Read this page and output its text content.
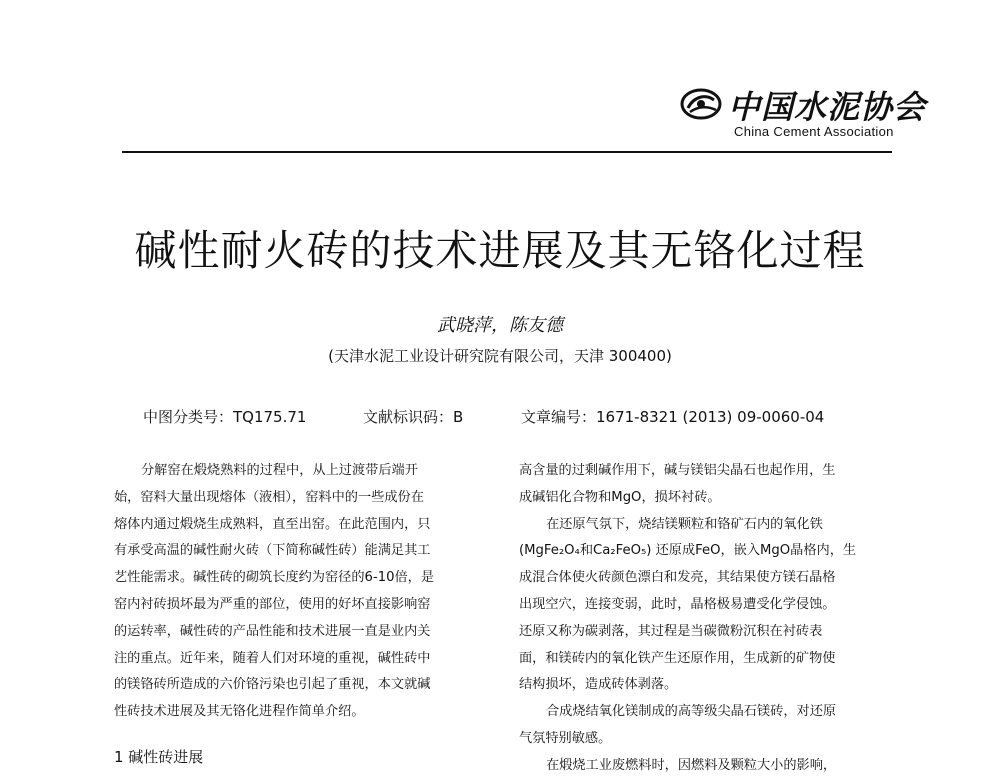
中国水泥协会
China Cement Association
碱性耐火砖的技术进展及其无铬化过程
武晓萍，陈友德
(天津水泥工业设计研究院有限公司，天津 300400)
中图分类号：TQ175.71	文献标识码：B	文章编号：1671-8321 (2013) 09-0060-04
分解窑在煅烧熟料的过程中，从上过渡带后端开
始，窑料大量出现熔体（液相），窑料中的一些成份在
熔体内通过煅烧生成熟料，直至出窑。在此范围内，只
有承受高温的碱性耐火砖（下简称碱性砖）能满足其工
艺性能需求。碱性砖的砌筑长度约为窑径的6-10倍，是
窑内衬砖损坏最为严重的部位，使用的好坏直接影响窑
的运转率，碱性砖的产品性能和技术进展一直是业内关
注的重点。近年来，随着人们对环境的重视，碱性砖中
的镁铬砖所造成的六价铬污染也引起了重视，本文就碱
性砖技术进展及其无铬化进程作简单介绍。
高含量的过剩碱作用下，碱与镁铝尖晶石也起作用，生
成碱铝化合物和MgO，损坏衬砖。
在还原气氛下，烧结镁颗粒和铬矿石内的氧化铁
(MgFe₂O₄和Ca₂FeO₅) 还原成FeO，嵌入MgO晶格内，生
成混合体使火砖颜色漂白和发亮，其结果使方镁石晶格
出现空穴，连接变弱，此时，晶格极易遭受化学侵蚀。
还原又称为碳剥落，其过程是当碳微粉沉积在衬砖表
面，和镁砖内的氧化铁产生还原作用，生成新的矿物使
结构损坏，造成砖体剥落。
合成烧结氧化镁制成的高等级尖晶石镁砖，对还原
气氛特别敏感。
在煅烧工业废燃料时，因燃料及颗粒大小的影响，
1 碱性砖进展
